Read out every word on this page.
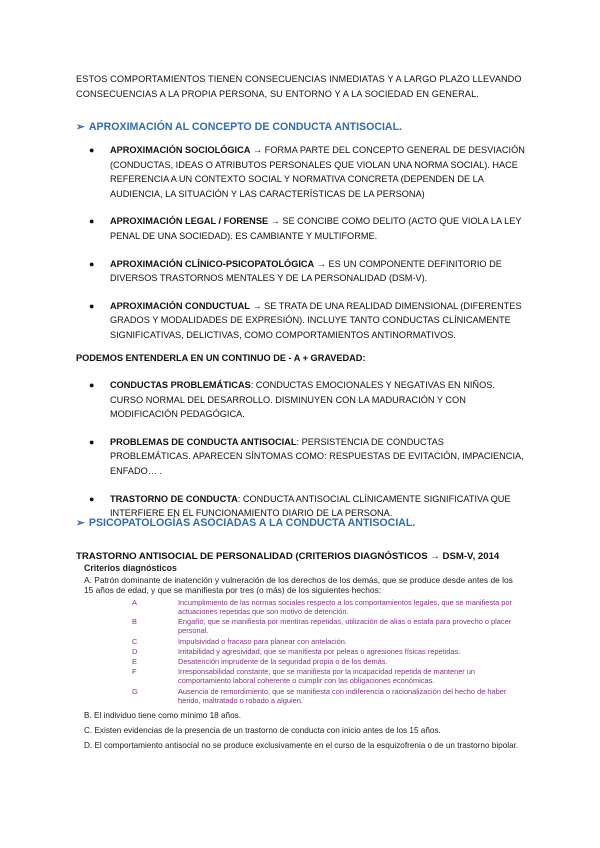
ESTOS COMPORTAMIENTOS TIENEN CONSECUENCIAS INMEDIATAS Y A LARGO PLAZO LLEVANDO CONSECUENCIAS A LA PROPIA PERSONA, SU ENTORNO Y A LA SOCIEDAD EN GENERAL.
➢ APROXIMACIÓN AL CONCEPTO DE CONDUCTA ANTISOCIAL.
● APROXIMACIÓN SOCIOLÓGICA → FORMA PARTE DEL CONCEPTO GENERAL DE DESVIACIÓN (CONDUCTAS, IDEAS O ATRIBUTOS PERSONALES QUE VIOLAN UNA NORMA SOCIAL). HACE REFERENCIA A UN CONTEXTO SOCIAL Y NORMATIVA CONCRETA (DEPENDEN DE LA AUDIENCIA, LA SITUACIÓN Y LAS CARACTERÍSTICAS DE LA PERSONA)
● APROXIMACIÓN LEGAL / FORENSE → SE CONCIBE COMO DELITO (ACTO QUE VIOLA LA LEY PENAL DE UNA SOCIEDAD). ES CAMBIANTE Y MULTIFORME.
● APROXIMACIÓN CLÍNICO-PSICOPATOLÓGICA → ES UN COMPONENTE DEFINITORIO DE DIVERSOS TRASTORNOS MENTALES Y DE LA PERSONALIDAD (DSM-V).
● APROXIMACIÓN CONDUCTUAL → SE TRATA DE UNA REALIDAD DIMENSIONAL (DIFERENTES GRADOS Y MODALIDADES DE EXPRESIÓN). INCLUYE TANTO CONDUCTAS CLÍNICAMENTE SIGNIFICATIVAS, DELICTIVAS, COMO COMPORTAMIENTOS ANTINORMATIVOS.
PODEMOS ENTENDERLA EN UN CONTINUO DE - A + GRAVEDAD:
● CONDUCTAS PROBLEMÁTICAS: CONDUCTAS EMOCIONALES Y NEGATIVAS EN NIÑOS. CURSO NORMAL DEL DESARROLLO. DISMINUYEN CON LA MADURACIÓN Y CON MODIFICACIÓN PEDAGÓGICA.
● PROBLEMAS DE CONDUCTA ANTISOCIAL: PERSISTENCIA DE CONDUCTAS PROBLEMÁTICAS. APARECEN SÍNTOMAS COMO: RESPUESTAS DE EVITACIÓN, IMPACIENCIA, ENFADO… .
● TRASTORNO DE CONDUCTA: CONDUCTA ANTISOCIAL CLÍNICAMENTE SIGNIFICATIVA QUE INTERFIERE EN EL FUNCIONAMIENTO DIARIO DE LA PERSONA.
➢ PSICOPATOLOGÍAS ASOCIADAS A LA CONDUCTA ANTISOCIAL.
TRASTORNO ANTISOCIAL DE PERSONALIDAD (CRITERIOS DIAGNÓSTICOS → DSM-V, 2014
Criterios diagnósticos
A. Patrón dominante de inatención y vulneración de los derechos de los demás, que se produce desde antes de los 15 años de edad, y que se manifiesta por tres (o más) de los siguientes hechos:
A	Incumplimiento de las normas sociales respecto a los comportamientos legales, que se manifiesta por actuaciones repetidas que son motivo de detención.
B	Engaño, que se manifiesta por mentiras repetidas, utilización de alias o estafa para provecho o placer personal.
C	Impulsividad o fracaso para planear con antelación.
D	Irritabilidad y agresividad, que se manifiesta por peleas o agresiones físicas repetidas.
E	Desatención imprudente de la seguridad propia o de los demás.
F	Irresponsabilidad constante, que se manifiesta por la incapacidad repetida de mantener un comportamiento laboral coherente o cumplir con las obligaciones económicas.
G	Ausencia de remordimiento, que se manifiesta con indiferencia o racionalización del hecho de haber herido, maltratado o robado a alguien.
B. El individuo tiene como mínimo 18 años.
C. Existen evidencias de la presencia de un trastorno de conducta con inicio antes de los 15 años.
D. El comportamiento antisocial no se produce exclusivamente en el curso de la esquizofrenia o de un trastorno bipolar.
